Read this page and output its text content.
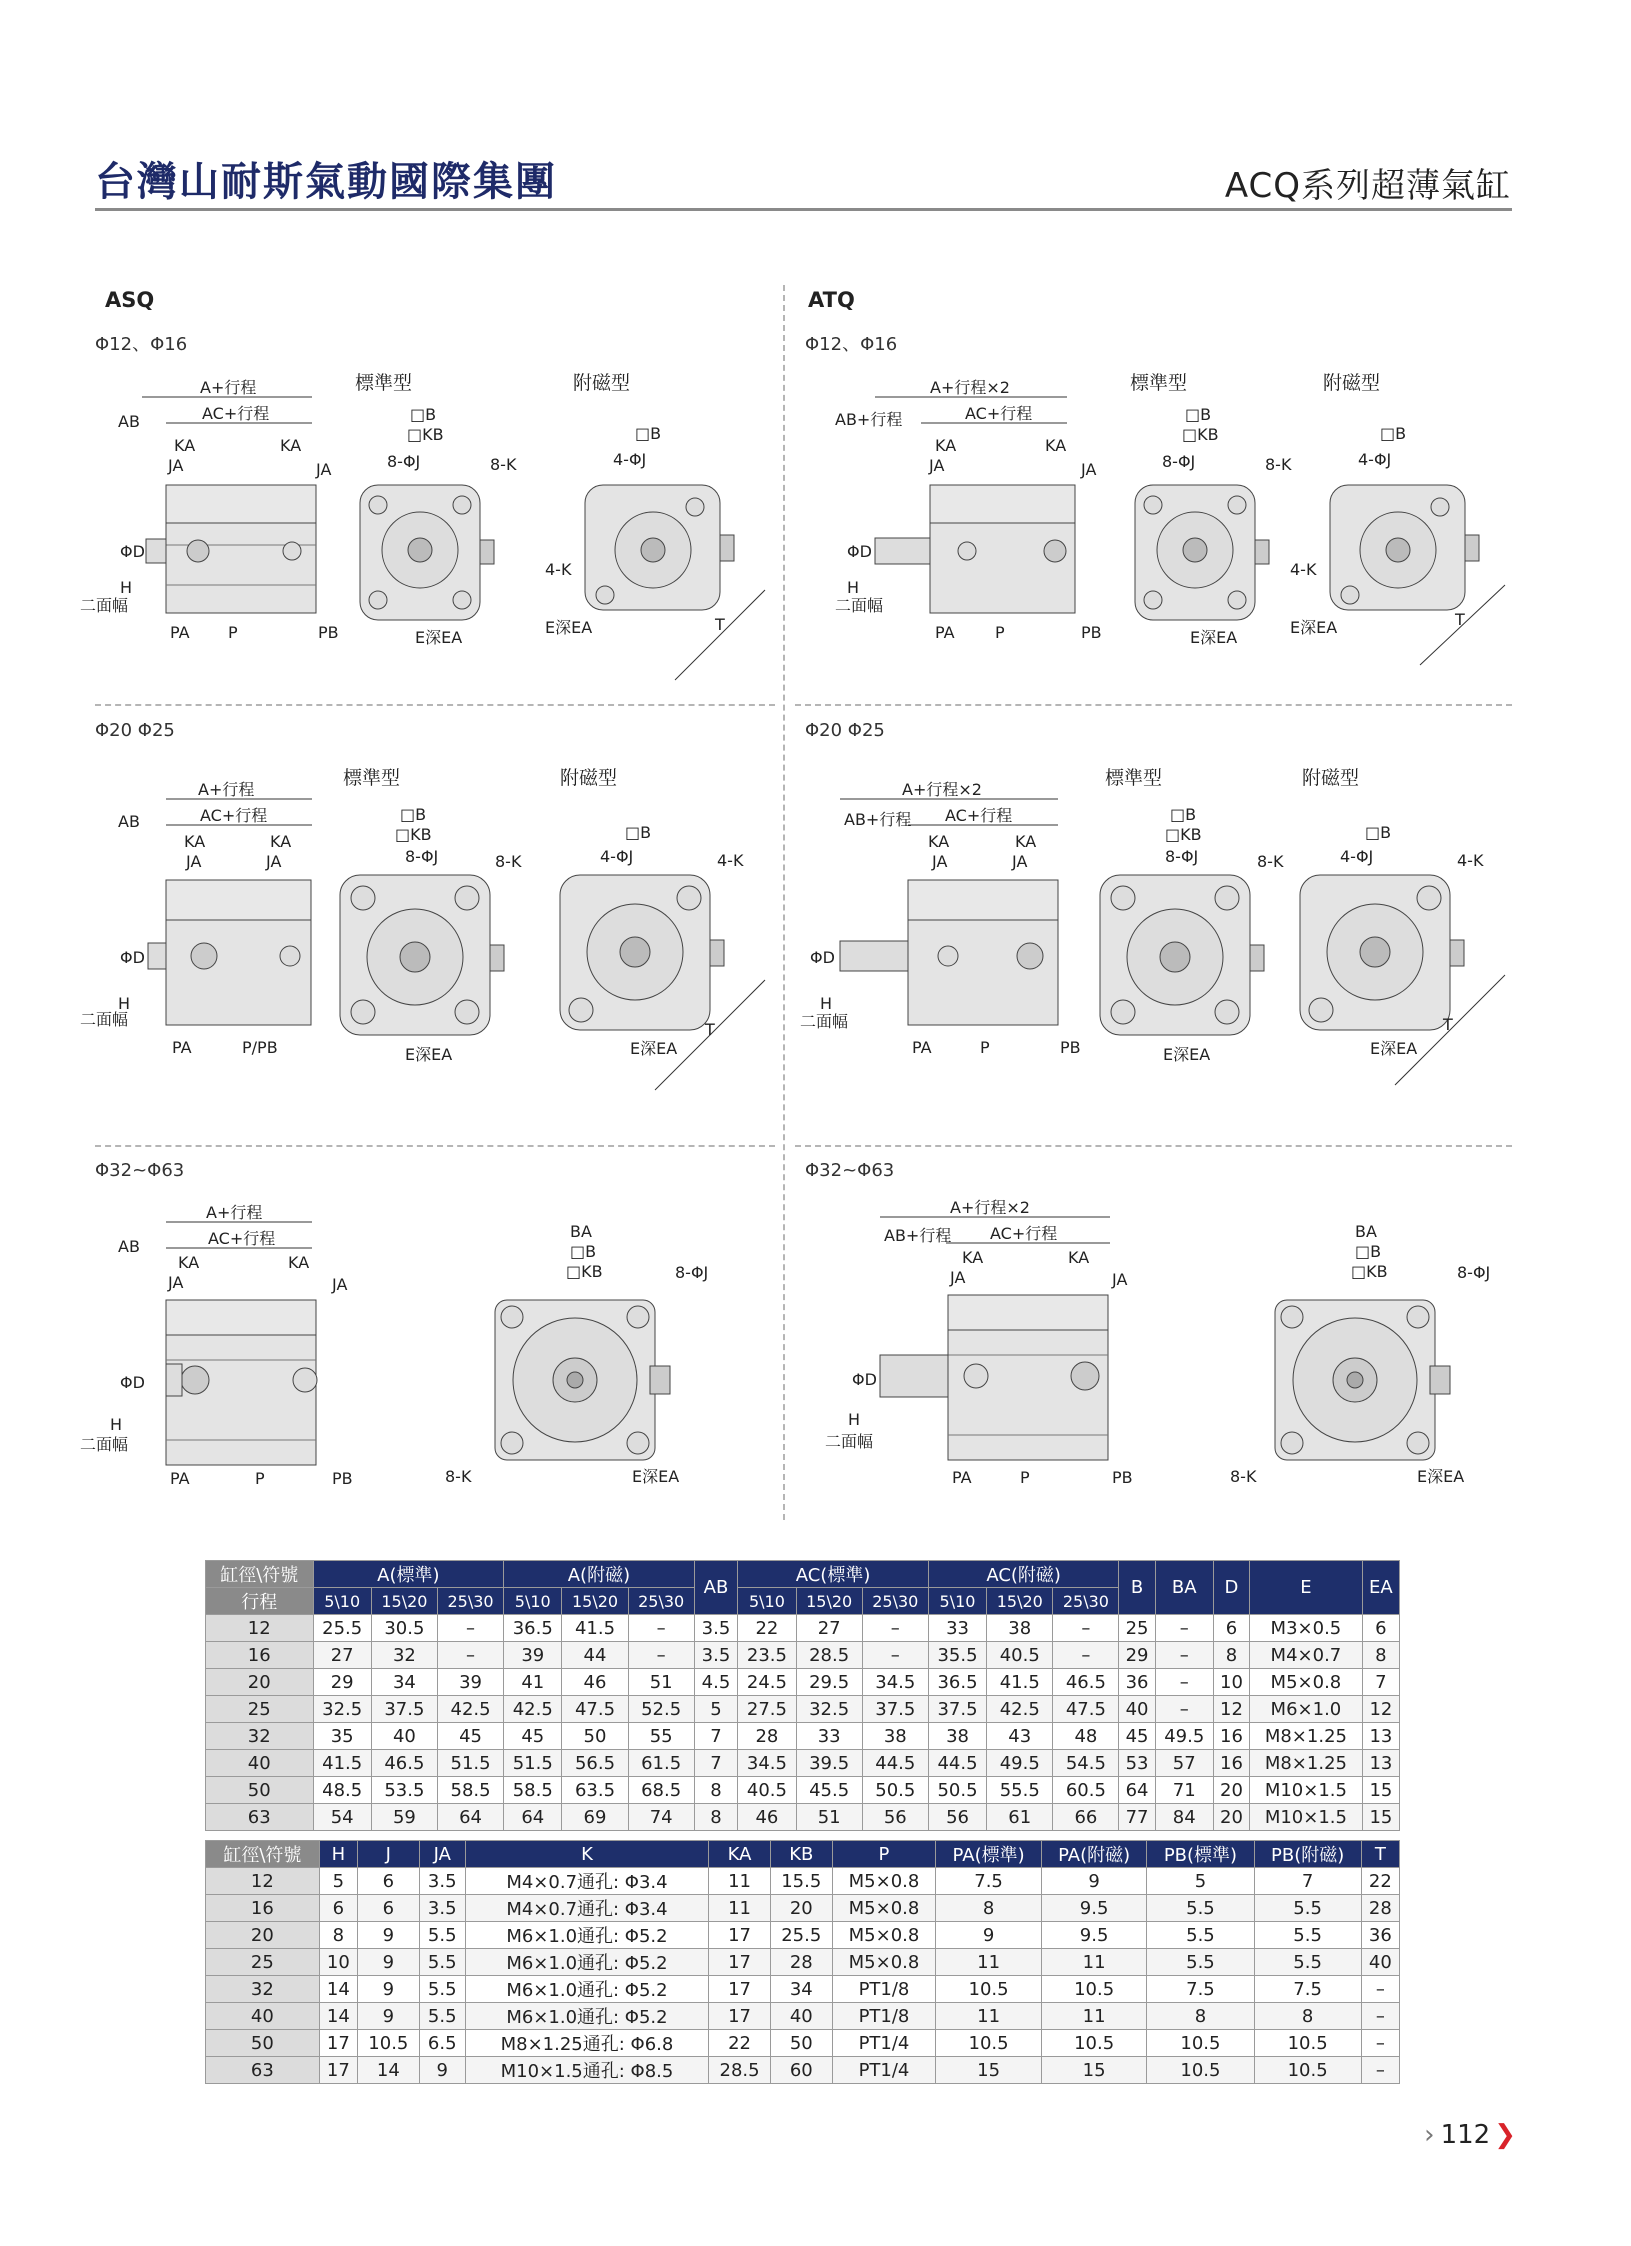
台灣山耐斯氣動國際集團	ACQ系列超薄氣缸
ASQ	ATQ
Φ12、Φ16	Φ12、Φ16
Φ20 Φ25	Φ20 Φ25
Φ32~Φ63	Φ32~Φ63
標準型	附磁型	標準型	附磁型
標準型	附磁型	標準型	附磁型
A+行程
AC+行程
AB
KA	KA
JA	JA
ΦD
H
二面幅
PA P	PB
□B
□KB
8-ΦJ	8-K
E深EA
□B
4-ΦJ
4-K
T
E深EA
A+行程×2
AC+行程
AB+行程
KA	KA
JA	JA
ΦD
H
二面幅
PA	P	PB
□B
□KB
8-ΦJ	8-K
E深EA
□B
4-ΦJ
4-K
T
E深EA
A+行程
AC+行程
AB
KA	KA
JA	JA
ΦD
H
二面幅
PA	P/PB
□B
□KB
8-ΦJ	8-K
E深EA
□B
4-ΦJ	4-K
T
E深EA
A+行程×2
AC+行程
AB+行程
KA	KA
JA	JA
ΦD
H
二面幅
PA	P	PB
□B
□KB
8-ΦJ	8-K
E深EA
□B
4-ΦJ	4-K
T
E深EA
A+行程
AC+行程
AB
KA	KA
JA	JA
ΦD
H
二面幅
PA	P	PB
BA
□B
□KB	8-ΦJ
8-K	E深EA
A+行程×2
AC+行程
AB+行程
KA	KA
JA	JA
ΦD
H
二面幅
PA	P	PB
BA
□B
□KB	8-ΦJ
8-K	E深EA
缸徑\符號	A(標準)			A(附磁)			AB	AC(標準)			AC(附磁)			B	BA	D	E	EA
行程	5\10	15\20	25\30	5\10	15\20	25\30		5\10	15\20	25\30	5\10	15\20	25\30					
12	25.5	30.5	–	36.5	41.5	–	3.5	22	27	–	33	38	–	25	–	6	M3×0.5	6
16	27	32	–	39	44	–	3.5	23.5	28.5	–	35.5	40.5	–	29	–	8	M4×0.7	8
20	29	34	39	41	46	51	4.5	24.5	29.5	34.5	36.5	41.5	46.5	36	–	10	M5×0.8	7
25	32.5	37.5	42.5	42.5	47.5	52.5	5	27.5	32.5	37.5	37.5	42.5	47.5	40	–	12	M6×1.0	12
32	35	40	45	45	50	55	7	28	33	38	38	43	48	45	49.5	16	M8×1.25	13
40	41.5	46.5	51.5	51.5	56.5	61.5	7	34.5	39.5	44.5	44.5	49.5	54.5	53	57	16	M8×1.25	13
50	48.5	53.5	58.5	58.5	63.5	68.5	8	40.5	45.5	50.5	50.5	55.5	60.5	64	71	20	M10×1.5	15
63	54	59	64	64	69	74	8	46	51	56	56	61	66	77	84	20	M10×1.5	15
缸徑\符號	H	J	JA	K	KA	KB	P	PA(標準)	PA(附磁)	PB(標準)	PB(附磁)	T
12	5	6	3.5	M4×0.7通孔: Φ3.4	11	15.5	M5×0.8	7.5	9	5	7	22
16	6	6	3.5	M4×0.7通孔: Φ3.4	11	20	M5×0.8	8	9.5	5.5	5.5	28
20	8	9	5.5	M6×1.0通孔: Φ5.2	17	25.5	M5×0.8	9	9.5	5.5	5.5	36
25	10	9	5.5	M6×1.0通孔: Φ5.2	17	28	M5×0.8	11	11	5.5	5.5	40
32	14	9	5.5	M6×1.0通孔: Φ5.2	17	34	PT1/8	10.5	10.5	7.5	7.5	–
40	14	9	5.5	M6×1.0通孔: Φ5.2	17	40	PT1/8	11	11	8	8	–
50	17	10.5	6.5	M8×1.25通孔: Φ6.8	22	50	PT1/4	10.5	10.5	10.5	10.5	–
63	17	14	9	M10×1.5通孔: Φ8.5	28.5	60	PT1/4	15	15	10.5	10.5	–
› 112 ❯
